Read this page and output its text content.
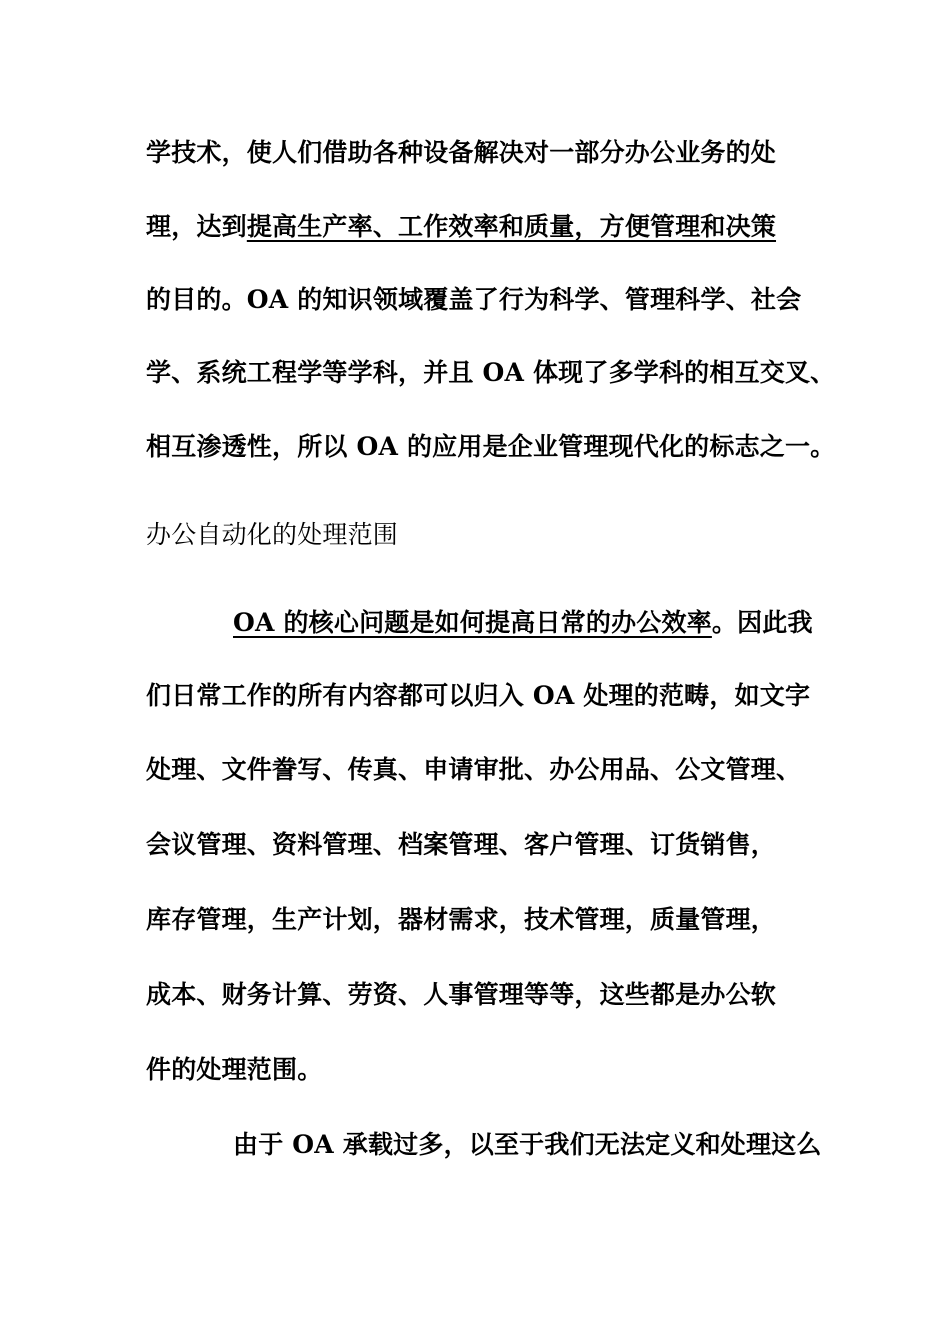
学技术，使人们借助各种设备解决对一部分办公业务的处
理，达到提高生产率、工作效率和质量，方便管理和决策
的目的。OA 的知识领域覆盖了行为科学、管理科学、社会
学、系统工程学等学科，并且 OA 体现了多学科的相互交叉、
相互渗透性，所以 OA 的应用是企业管理现代化的标志之一。
办公自动化的处理范围
OA 的核心问题是如何提高日常的办公效率。因此我
们日常工作的所有内容都可以归入 OA 处理的范畴，如文字
处理、文件誊写、传真、申请审批、办公用品、公文管理、
会议管理、资料管理、档案管理、客户管理、订货销售，
库存管理，生产计划，器材需求，技术管理，质量管理，
成本、财务计算、劳资、人事管理等等，这些都是办公软
件的处理范围。
由于 OA 承载过多，以至于我们无法定义和处理这么
